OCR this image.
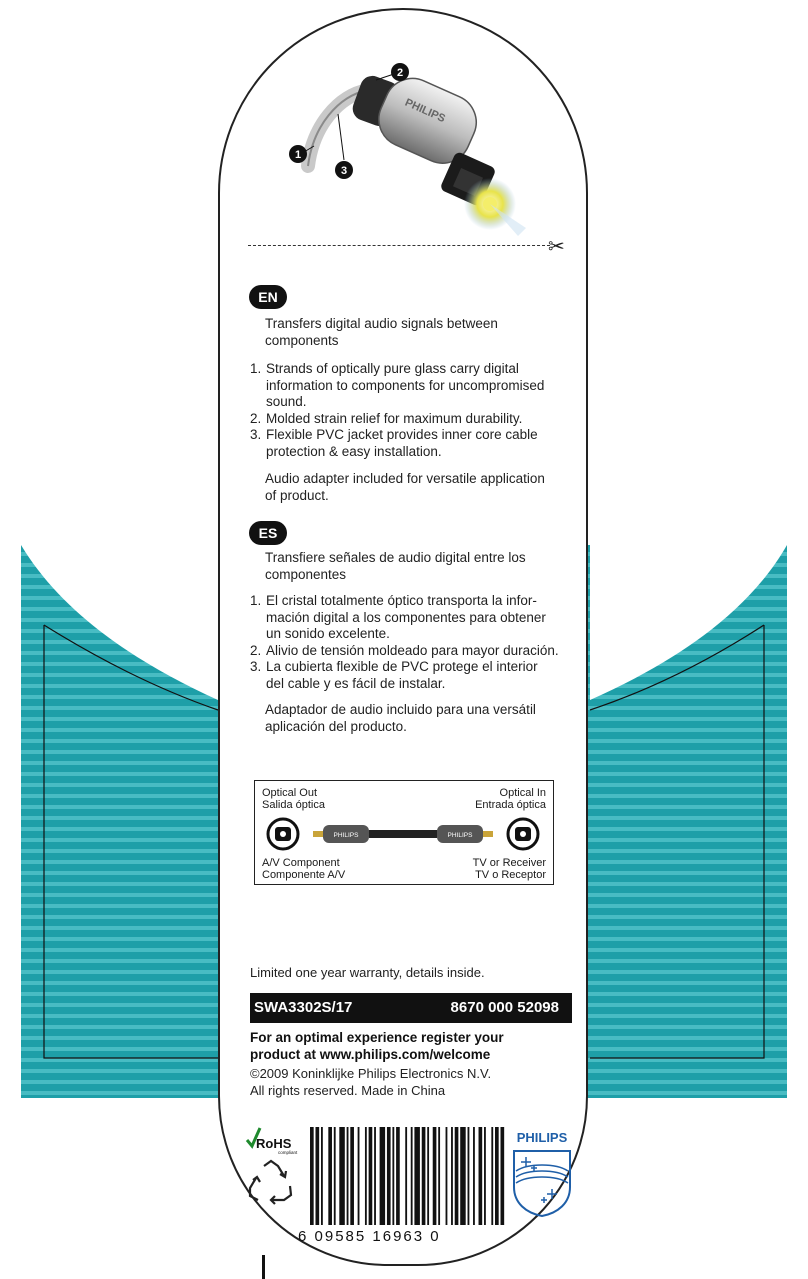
PHILIPS
1
2
3
✂
EN
Transfers digital audio signals between
components
1. Strands of optically pure glass carry digital
information to components for uncompromised
sound.
2. Molded strain relief for maximum durability.
3. Flexible PVC jacket provides inner core cable
protection & easy installation.
Audio adapter included for versatile application
of product.
ES
Transfiere señales de audio digital entre los
componentes
1. El cristal totalmente óptico transporta la infor-
mación digital a los componentes para obtener
un sonido excelente.
2. Alivio de tensión moldeado para mayor duración.
3. La cubierta flexible de PVC protege el interior
del cable y es fácil de instalar.
Adaptador de audio incluido para una versátil
aplicación del producto.
Optical Out
Salida óptica
Optical In
Entrada óptica
PHILIPS	PHILIPS
A/V Component
Componente A/V
TV or Receiver
TV o Receptor
Limited one year warranty, details inside.
SWA3302S/17	8670 000 52098
For an optimal experience register your
product at www.philips.com/welcome
©2009 Koninklijke Philips Electronics N.V.
All rights reserved. Made in China
RoHS
compliant
6 09585 16963 0
PHILIPS
